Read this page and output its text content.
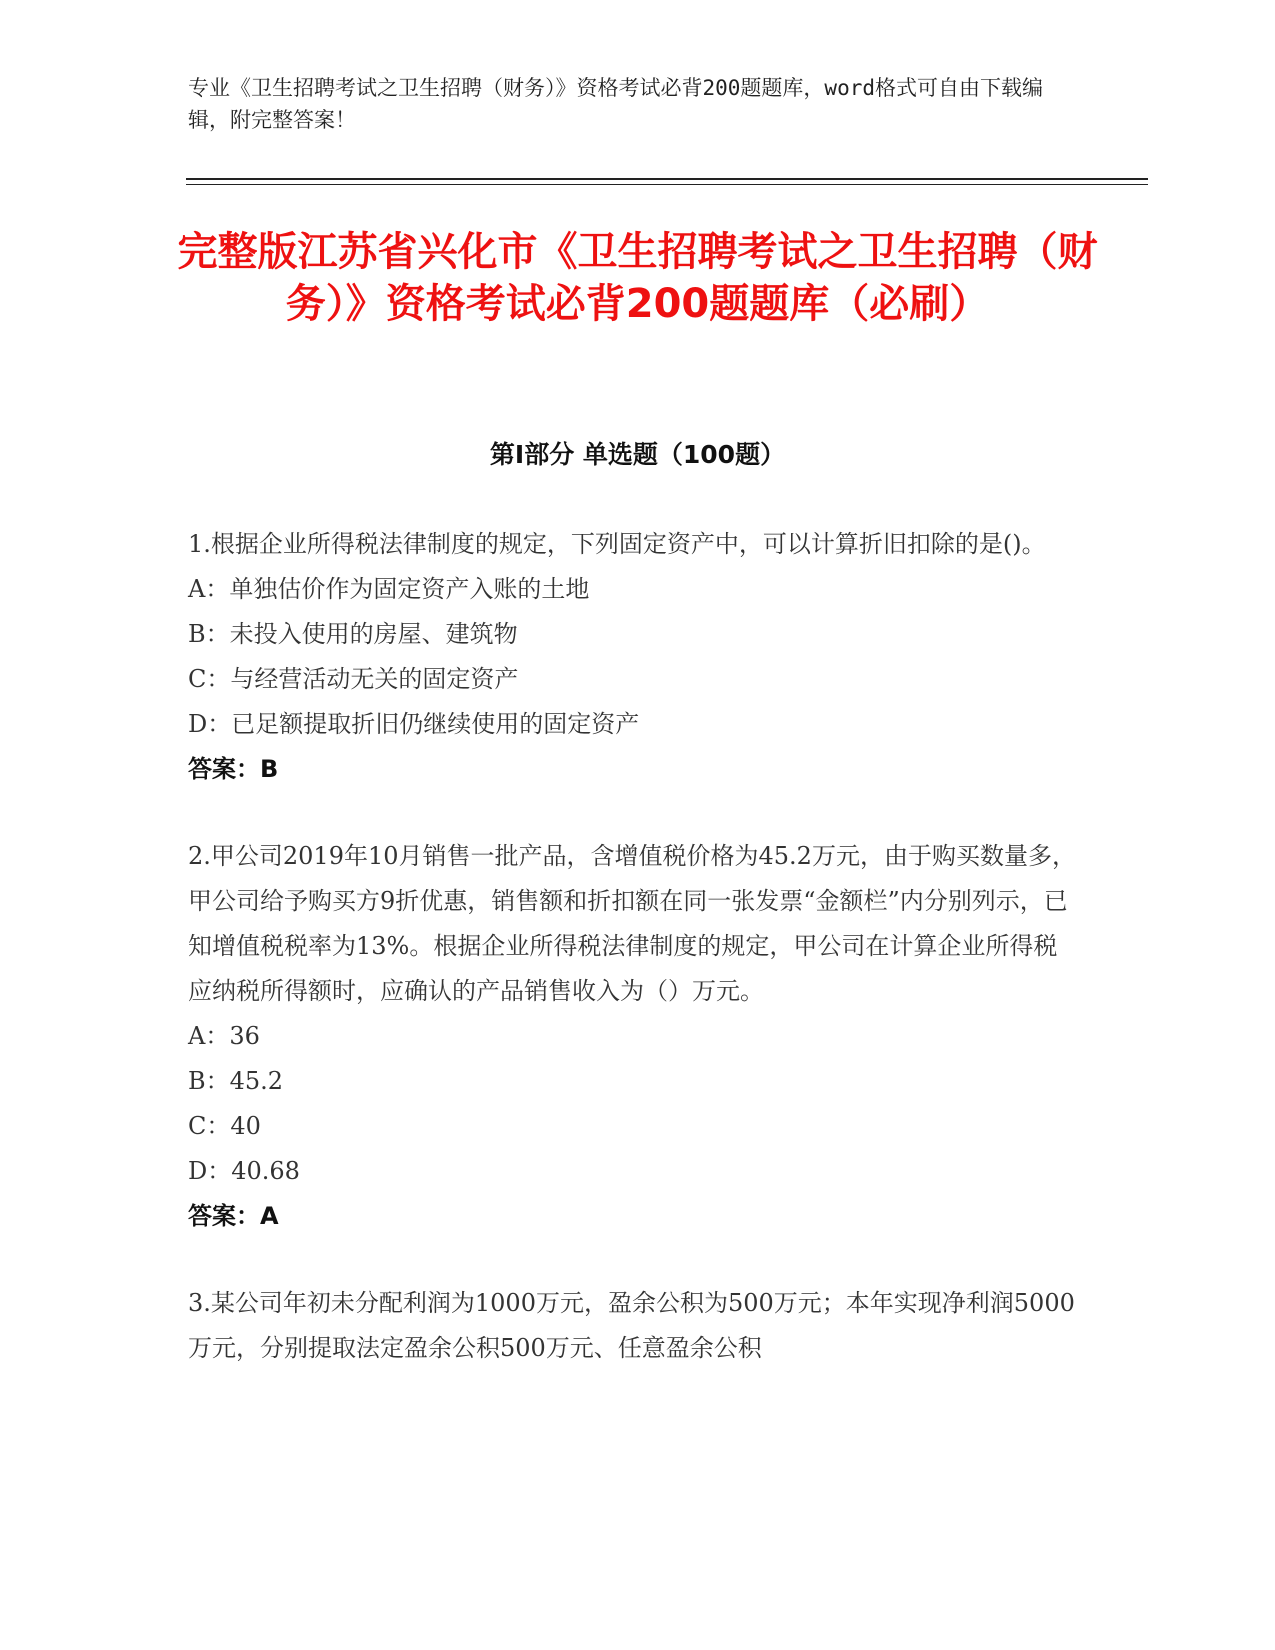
专业《卫生招聘考试之卫生招聘（财务）》资格考试必背200题题库，word格式可自由下载编辑，附完整答案！
完整版江苏省兴化市《卫生招聘考试之卫生招聘（财务）》资格考试必背200题题库（必刷）
第I部分 单选题（100题）
1.根据企业所得税法律制度的规定，下列固定资产中，可以计算折旧扣除的是()。
A：单独估价作为固定资产入账的土地
B：未投入使用的房屋、建筑物
C：与经营活动无关的固定资产
D：已足额提取折旧仍继续使用的固定资产
答案：B
2.甲公司2019年10月销售一批产品，含增值税价格为45.2万元，由于购买数量多，甲公司给予购买方9折优惠，销售额和折扣额在同一张发票“金额栏”内分别列示，已知增值税税率为13%。根据企业所得税法律制度的规定，甲公司在计算企业所得税应纳税所得额时，应确认的产品销售收入为（）万元。
A：36
B：45.2
C：40
D：40.68
答案：A
3.某公司年初未分配利润为1000万元，盈余公积为500万元；本年实现净利润5000万元，分别提取法定盈余公积500万元、任意盈余公积
